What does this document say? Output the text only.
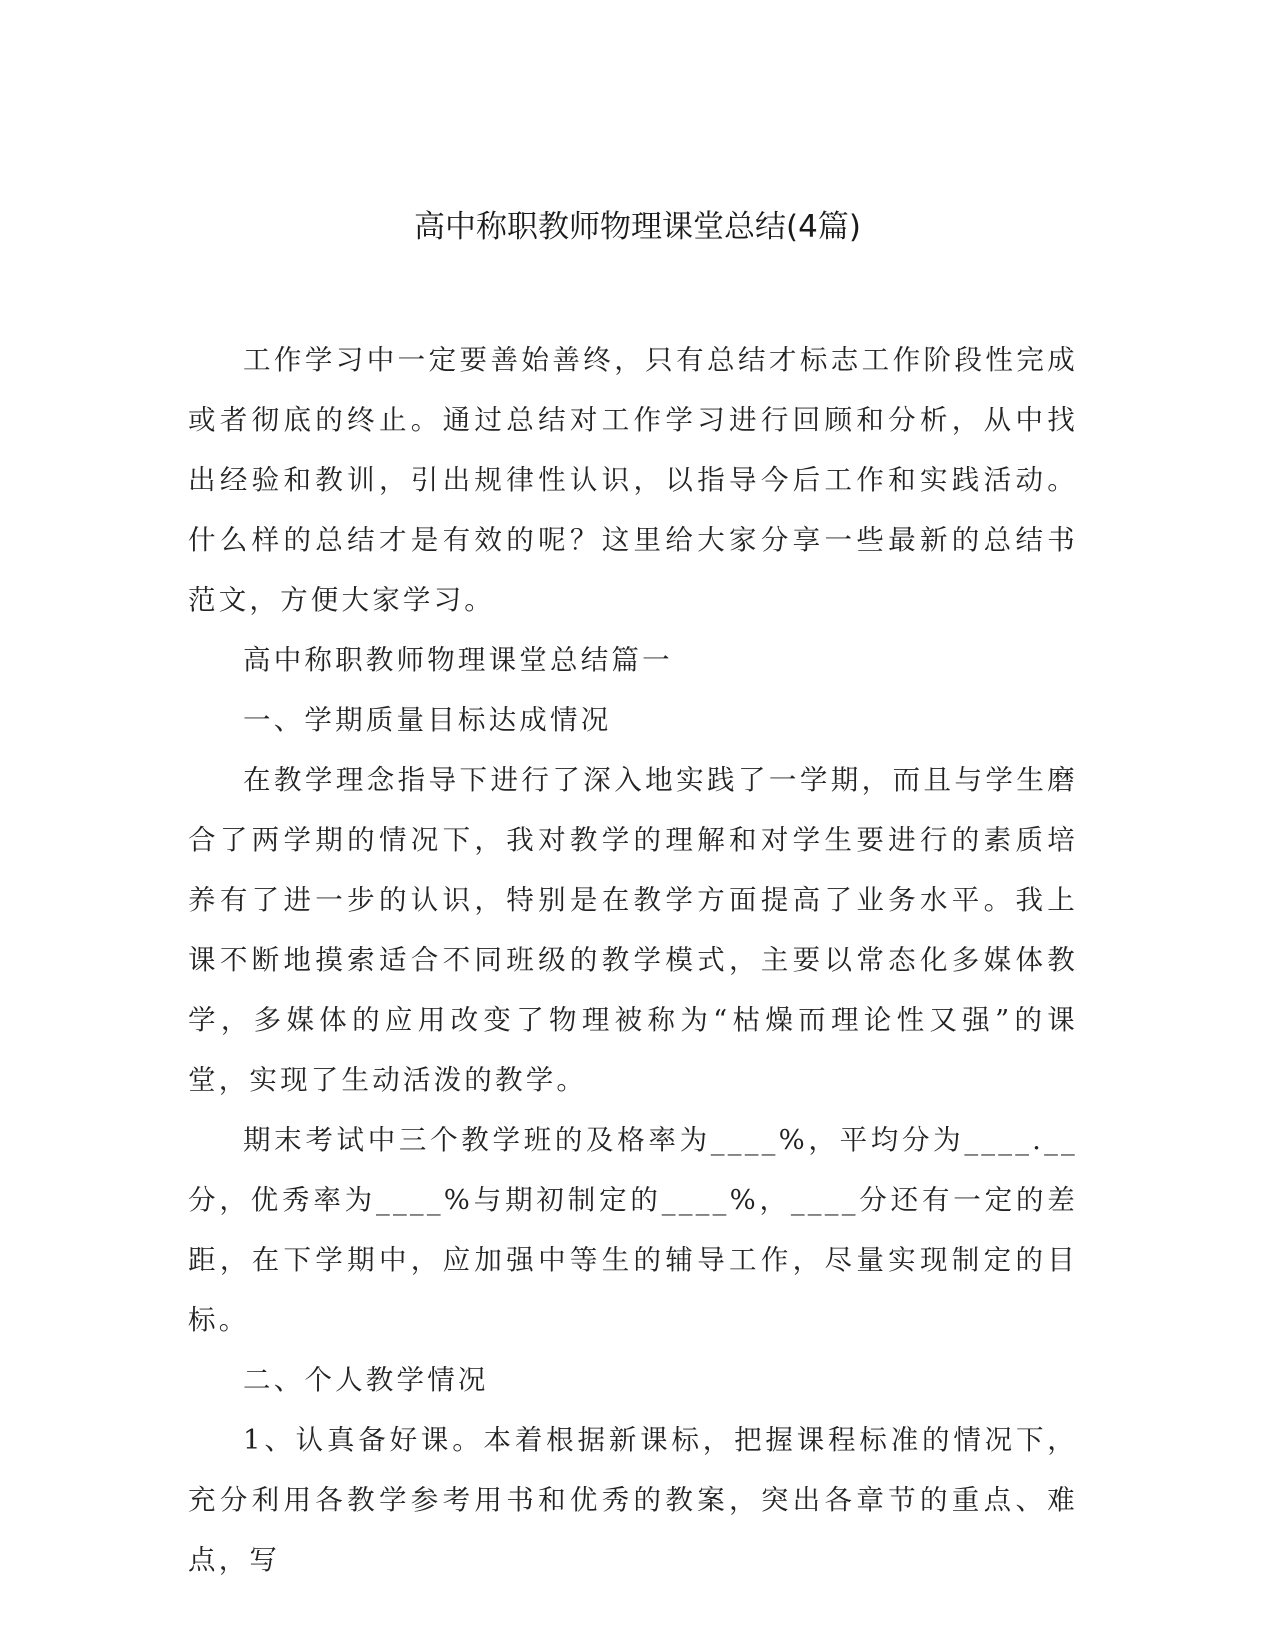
高中称职教师物理课堂总结(4篇)

工作学习中一定要善始善终，只有总结才标志工作阶段性完成或者彻底的终止。通过总结对工作学习进行回顾和分析，从中找出经验和教训，引出规律性认识，以指导今后工作和实践活动。什么样的总结才是有效的呢？这里给大家分享一些最新的总结书范文，方便大家学习。

高中称职教师物理课堂总结篇一

一、学期质量目标达成情况

在教学理念指导下进行了深入地实践了一学期，而且与学生磨合了两学期的情况下，我对教学的理解和对学生要进行的素质培养有了进一步的认识，特别是在教学方面提高了业务水平。我上课不断地摸索适合不同班级的教学模式，主要以常态化多媒体教学，多媒体的应用改变了物理被称为“枯燥而理论性又强”的课堂，实现了生动活泼的教学。

期末考试中三个教学班的及格率为____%，平均分为____.__分，优秀率为____%与期初制定的____%，____分还有一定的差距，在下学期中，应加强中等生的辅导工作，尽量实现制定的目标。

二、个人教学情况

1、认真备好课。本着根据新课标，把握课程标准的情况下，充分利用各教学参考用书和优秀的教案，突出各章节的重点、难点，写
